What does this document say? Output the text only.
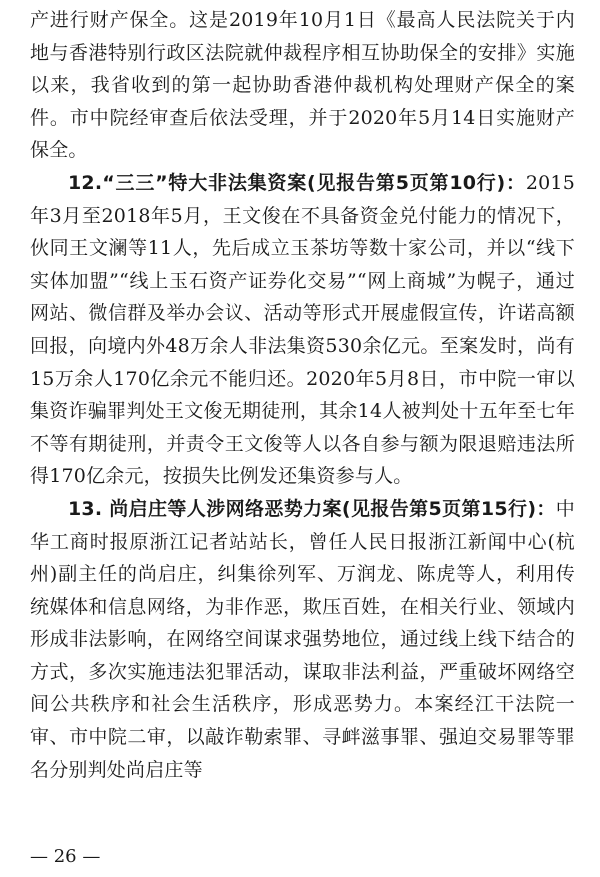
产进行财产保全。这是2019年10月1日《最高人民法院关于内地与香港特别行政区法院就仲裁程序相互协助保全的安排》实施以来，我省收到的第一起协助香港仲裁机构处理财产保全的案件。市中院经审查后依法受理，并于2020年5月14日实施财产保全。

12.“三三”特大非法集资案(见报告第5页第10行)：2015年3月至2018年5月，王文俊在不具备资金兑付能力的情况下，伙同王文澜等11人，先后成立玉茶坊等数十家公司，并以“线下实体加盟”“线上玉石资产证券化交易”“网上商城”为幌子，通过网站、微信群及举办会议、活动等形式开展虚假宣传，许诺高额回报，向境内外48万余人非法集资530余亿元。至案发时，尚有15万余人170亿余元不能归还。2020年5月8日，市中院一审以集资诈骗罪判处王文俊无期徒刑，其余14人被判处十五年至七年不等有期徒刑，并责令王文俊等人以各自参与额为限退赔违法所得170亿余元，按损失比例发还集资参与人。

13. 尚启庄等人涉网络恶势力案(见报告第5页第15行)：中华工商时报原浙江记者站站长，曾任人民日报浙江新闻中心(杭州)副主任的尚启庄，纠集徐列军、万润龙、陈虎等人，利用传统媒体和信息网络，为非作恶，欺压百姓，在相关行业、领域内形成非法影响，在网络空间谋求强势地位，通过线上线下结合的方式，多次实施违法犯罪活动，谋取非法利益，严重破坏网络空间公共秩序和社会生活秩序，形成恶势力。本案经江干法院一审、市中院二审，以敲诈勒索罪、寻衅滋事罪、强迫交易罪等罪名分别判处尚启庄等

— 26 —
